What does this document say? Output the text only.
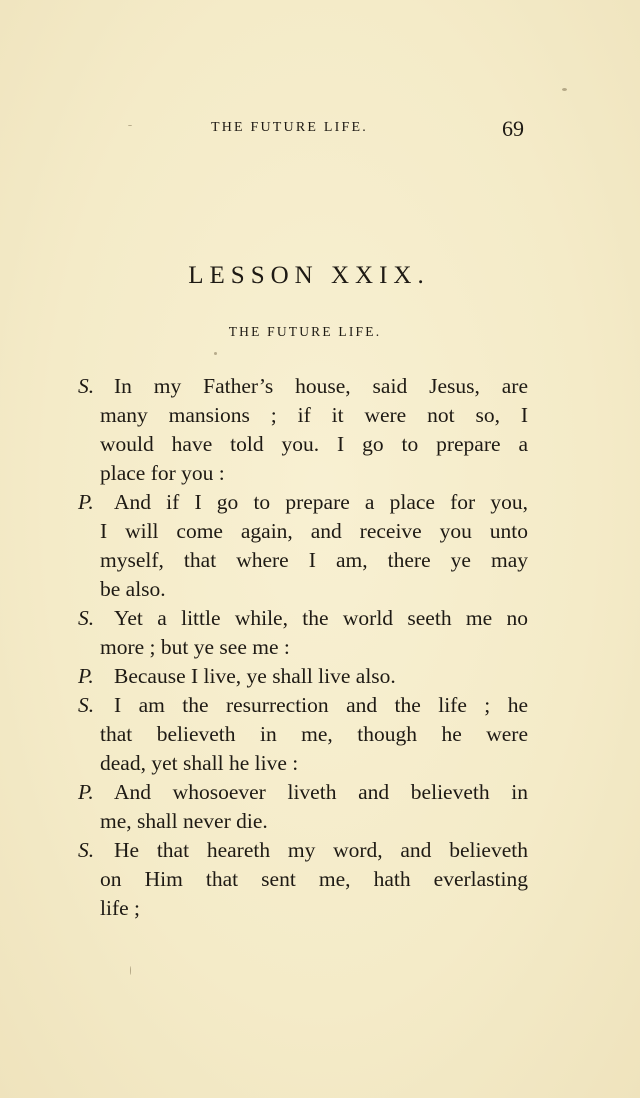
THE FUTURE LIFE.	69
LESSON XXIX.
THE FUTURE LIFE.
S. In my Father’s house, said Jesus, are
many mansions ; if it were not so, I
would have told you. I go to prepare a
place for you :
P. And if I go to prepare a place for you,
I will come again, and receive you unto
myself, that where I am, there ye may
be also.
S. Yet a little while, the world seeth me no
more ; but ye see me :
P. Because I live, ye shall live also.
S. I am the resurrection and the life ; he
that believeth in me, though he were
dead, yet shall he live :
P. And whosoever liveth and believeth in
me, shall never die.
S. He that heareth my word, and believeth
on Him that sent me, hath everlasting
life ;
